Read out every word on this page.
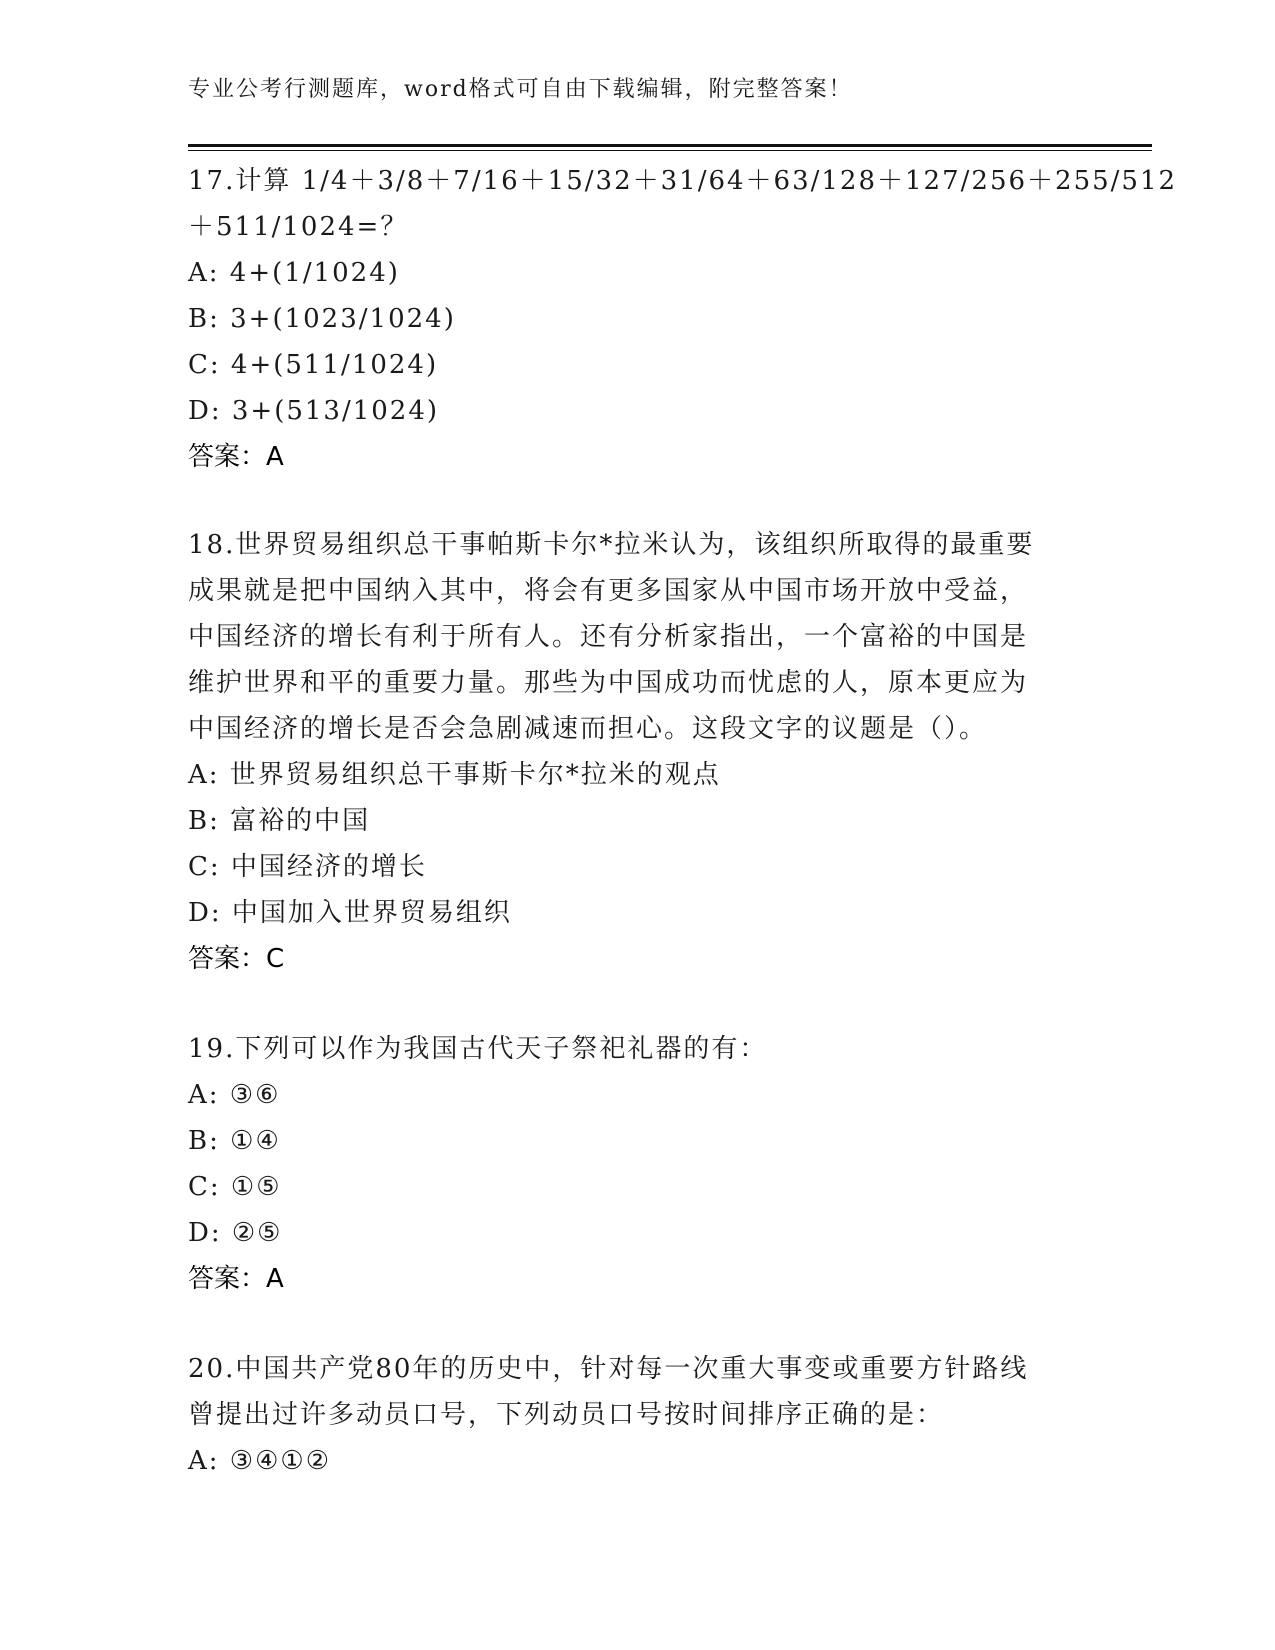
专业公考行测题库，word格式可自由下载编辑，附完整答案！
17.计算 1/4＋3/8＋7/16＋15/32＋31/64＋63/128＋127/256＋255/512
＋511/1024=？
A: 4+(1/1024)
B: 3+(1023/1024)
C: 4+(511/1024)
D: 3+(513/1024)
答案：A
18.世界贸易组织总干事帕斯卡尔*拉米认为，该组织所取得的最重要
成果就是把中国纳入其中，将会有更多国家从中国市场开放中受益，
中国经济的增长有利于所有人。还有分析家指出，一个富裕的中国是
维护世界和平的重要力量。那些为中国成功而忧虑的人，原本更应为
中国经济的增长是否会急剧减速而担心。这段文字的议题是（）。
A: 世界贸易组织总干事斯卡尔*拉米的观点
B: 富裕的中国
C: 中国经济的增长
D: 中国加入世界贸易组织
答案：C
19.下列可以作为我国古代天子祭祀礼器的有：
A: ③⑥
B: ①④
C: ①⑤
D: ②⑤
答案：A
20.中国共产党80年的历史中，针对每一次重大事变或重要方针路线
曾提出过许多动员口号，下列动员口号按时间排序正确的是：
A: ③④①②
